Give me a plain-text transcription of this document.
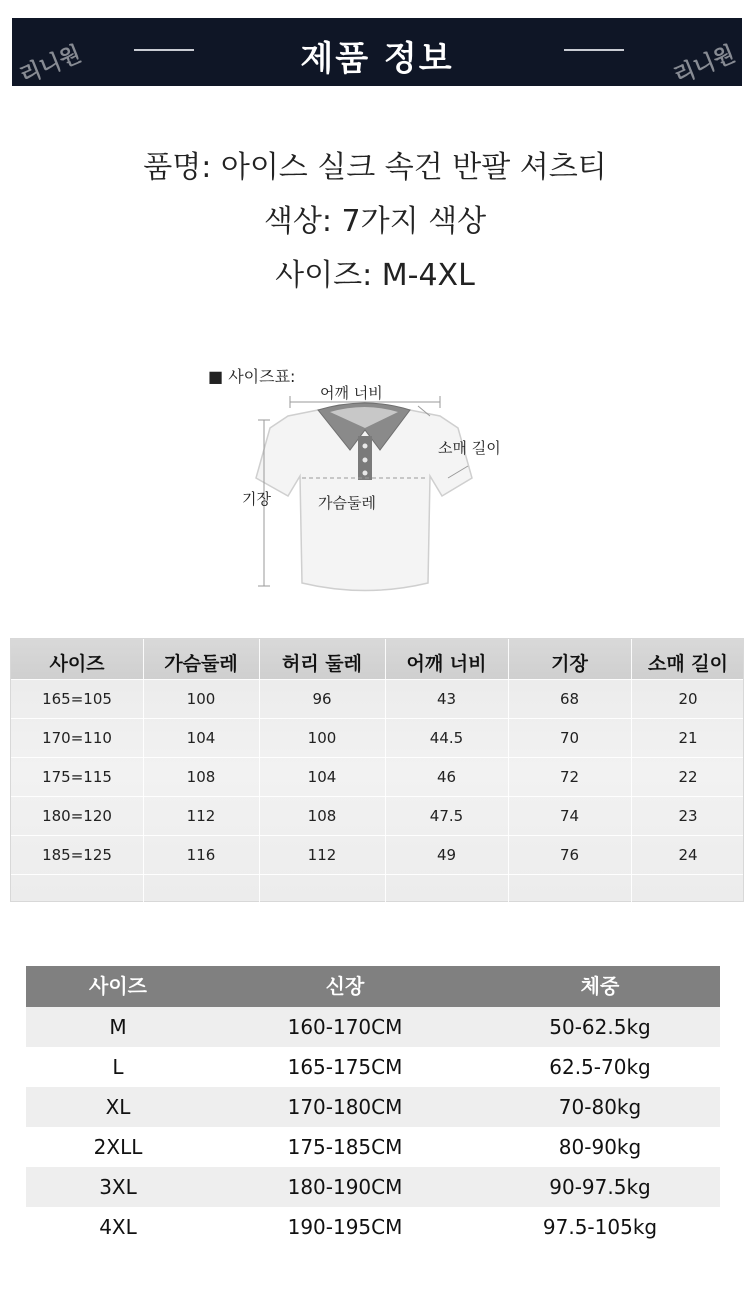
리니원	리니원
제품 정보
품명: 아이스 실크 속건 반팔 셔츠티
색상: 7가지 색상
사이즈: M-4XL
■ 사이즈표:
어깨 너비
소매 길이
기장	가슴둘레
사이즈	가슴둘레	허리 둘레	어깨 너비	기장	소매 길이
165=105	100	96	43	68	20
170=110	104	100	44.5	70	21
175=115	108	104	46	72	22
180=120	112	108	47.5	74	23
185=125	116	112	49	76	24
사이즈	신장	체중
M	160-170CM	50-62.5kg
L	165-175CM	62.5-70kg
XL	170-180CM	70-80kg
2XLL	175-185CM	80-90kg
3XL	180-190CM	90-97.5kg
4XL	190-195CM	97.5-105kg
